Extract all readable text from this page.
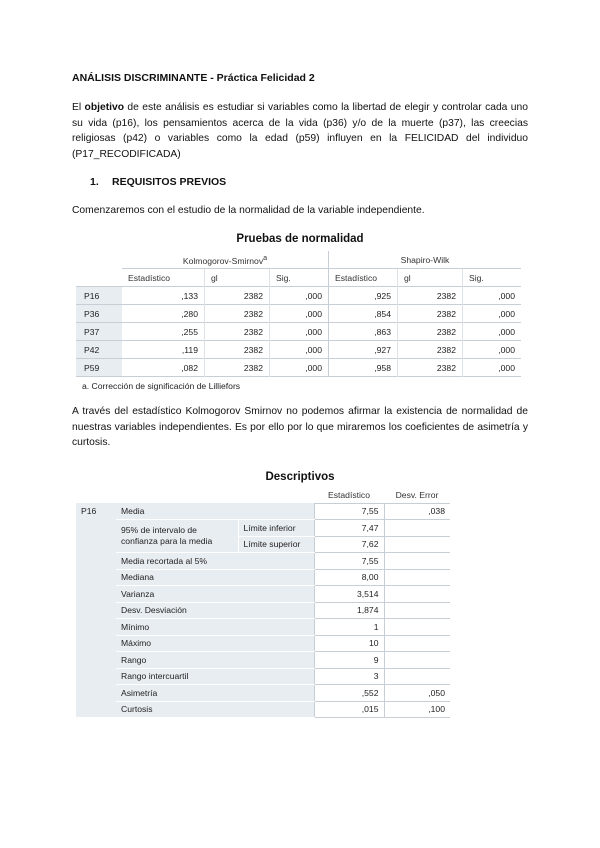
ANÁLISIS DISCRIMINANTE - Práctica Felicidad 2
El objetivo de este análisis es estudiar si variables como la libertad de elegir y controlar cada uno su vida (p16), los pensamientos acerca de la vida (p36) y/o de la muerte (p37), las creecias religiosas (p42) o variables como la edad (p59) influyen en la FELICIDAD del individuo (P17_RECODIFICADA)
1. REQUISITOS PREVIOS
Comenzaremos con el estudio de la normalidad de la variable independiente.
Pruebas de normalidad
	Kolmogorov-Smirnov$^a$			Shapiro-Wilk		
	Estadístico	gl	Sig.	Estadístico	gl	Sig.
P16	,133	2382	,000	,925	2382	,000
P36	,280	2382	,000	,854	2382	,000
P37	,255	2382	,000	,863	2382	,000
P42	,119	2382	,000	,927	2382	,000
P59	,082	2382	,000	,958	2382	,000
a. Corrección de significación de Lilliefors						
A través del estadístico Kolmogorov Smirnov no podemos afirmar la existencia de normalidad de nuestras variables independientes. Es por ello por lo que miraremos los coeficientes de asimetría y curtosis.
Descriptivos
			Estadístico	Desv. Error
P16	Media		7,55	,038
	95% de intervalo de confianza para la media	Límite inferior	7,47	
		Límite superior	7,62	
	Media recortada al 5%		7,55	
	Mediana		8,00	
	Varianza		3,514	
	Desv. Desviación		1,874	
	Mínimo		1	
	Máximo		10	
	Rango		9	
	Rango intercuartil		3	
	Asimetría		,552	,050
	Curtosis		,015	,100
